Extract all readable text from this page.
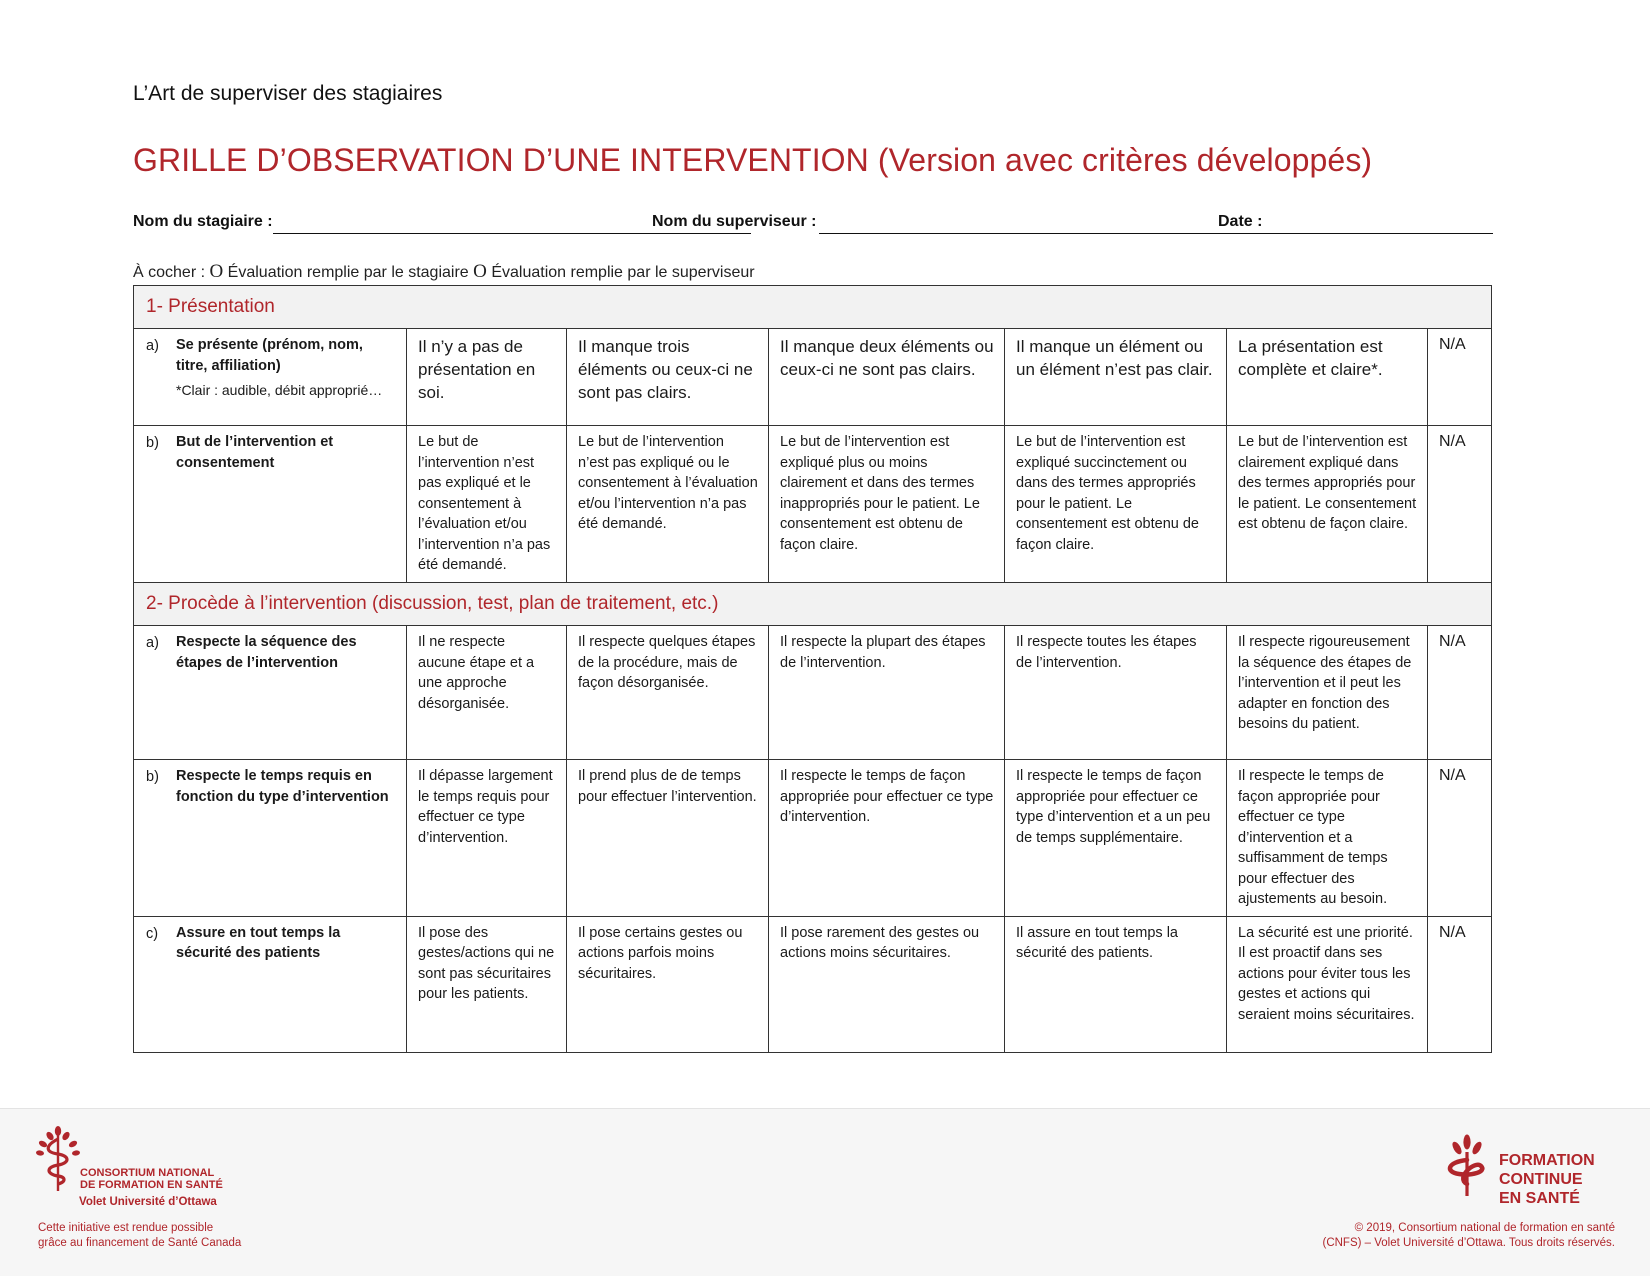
L’Art de superviser des stagiaires
GRILLE D’OBSERVATION D’UNE INTERVENTION (Version avec critères développés)
Nom du stagiaire :	Nom du superviseur :	Date :
À cocher : O Évaluation remplie par le stagiaire O Évaluation remplie par le superviseur
1- Présentation						

a) Se présente (prénom, nom, titre, affiliation)
*Clair : audible, débit approprié…	Il n’y a pas de présentation en soi.	Il manque trois éléments ou ceux-ci ne sont pas clairs.	Il manque deux éléments ou ceux-ci ne sont pas clairs.	Il manque un élément ou un élément n’est pas clair.	La présentation est complète et claire*.	N/A

b) But de l’intervention et consentement	Le but de l’intervention n’est pas expliqué et le consentement à l’évaluation et/ou l’intervention n’a pas été demandé.	Le but de l’intervention n’est pas expliqué ou le consentement à l’évaluation et/ou l’intervention n’a pas été demandé.	Le but de l’intervention est expliqué plus ou moins clairement et dans des termes inappropriés pour le patient. Le consentement est obtenu de façon claire.	Le but de l’intervention est expliqué succinctement ou dans des termes appropriés pour le patient. Le consentement est obtenu de façon claire.	Le but de l’intervention est clairement expliqué dans des termes appropriés pour le patient. Le consentement est obtenu de façon claire.	N/A
2- Procède à l’intervention (discussion, test, plan de traitement, etc.)						

a) Respecte la séquence des étapes de l’intervention	Il ne respecte aucune étape et a une approche désorganisée.	Il respecte quelques étapes de la procédure, mais de façon désorganisée.	Il respecte la plupart des étapes de l’intervention.	Il respecte toutes les étapes de l’intervention.	Il respecte rigoureusement la séquence des étapes de l’intervention et il peut les adapter en fonction des besoins du patient.	N/A

b) Respecte le temps requis en fonction du type d’intervention	Il dépasse largement le temps requis pour effectuer ce type d’intervention.	Il prend plus de de temps pour effectuer l’intervention.	Il respecte le temps de façon appropriée pour effectuer ce type d’intervention.	Il respecte le temps de façon appropriée pour effectuer ce type d’intervention et a un peu de temps supplémentaire.	Il respecte le temps de façon appropriée pour effectuer ce type d’intervention et a suffisamment de temps pour effectuer des ajustements au besoin.	N/A

c) Assure en tout temps la sécurité des patients	Il pose des gestes/actions qui ne sont pas sécuritaires pour les patients.	Il pose certains gestes ou actions parfois moins sécuritaires.	Il pose rarement des gestes ou actions moins sécuritaires.	Il assure en tout temps la sécurité des patients.	La sécurité est une priorité. Il est proactif dans ses actions pour éviter tous les gestes et actions qui seraient moins sécuritaires.	N/A
CONSORTIUM NATIONAL
DE FORMATION EN SANTÉ
Volet Université d’Ottawa
Cette initiative est rendue possible
grâce au financement de Santé Canada
FORMATION
CONTINUE
EN SANTÉ
© 2019, Consortium national de formation en santé
(CNFS) – Volet Université d’Ottawa. Tous droits réservés.
